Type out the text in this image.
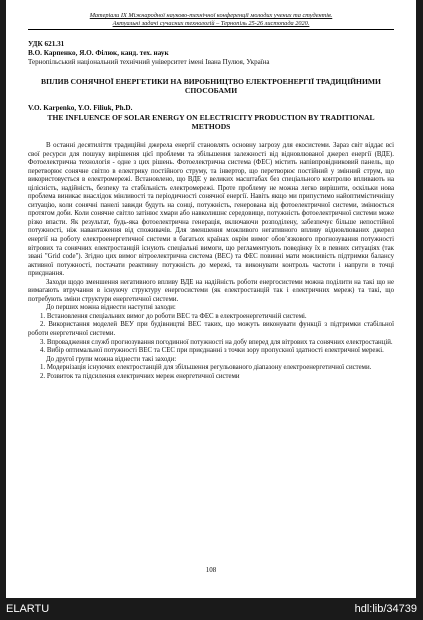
Матеріали IX Міжнародної науково-технічної конференції молодих учених та студентів.
Актуальні задачі сучасних технологій – Тернопіль 25-26 листопада 2020.
УДК 621.31
В.О. Карпенко, Я.О. Філюк, канд. тех. наук
Тернопільський національний технічний університет імені Івана Пулюя, Україна
ВПЛИВ СОНЯЧНОЇ ЕНЕРГЕТИКИ НА ВИРОБНИЦТВО ЕЛЕКТРОЕНЕРГІЇ ТРАДИЦІЙНИМИ СПОСОБАМИ
V.O. Karpenko, Y.O. Filiuk, Ph.D.
THE INFLUENCE OF SOLAR ENERGY ON ELECTRICITY PRODUCTION BY TRADITIONAL METHODS

В останні десятиліття традиційні джерела енергії становлять основну загрозу для екосистеми. Зараз світ віддає всі свої ресурси для пошуку вирішення цієї проблеми та збільшення залежності від відновлюваної джерел енергії (ВДЕ). Фотоелектрична технологія - одне з цих рішень. Фотоелектрична система (ФЕС) містить напівпровідниковий панель, що перетворює сонячне світло в електрику постійного струму, та інвертор, що перетворює постійний у змінний струм, що використовується в електромережі. Встановлено, що ВДЕ у великих масштабах без спеціального контролю впливають на цілісність, надійність, безпеку та стабільність електромережі. Проте проблему не можна легко вирішити, оскільки нова проблема виникає внаслідок мінливості та періодичності сонячної енергії. Навіть якщо ми припустимо найоптимістичнішу ситуацію, коли сонячні панелі завжди будуть на сонці, потужність, генерована від фотоелектричної системи, змінюється протягом доби. Коли сонячне світло затінює хмари або навколишнє середовище, потужність фотоелектричної системи може різко впасти. Як результат, будь-яка фотоелектрична генерація, включаючи розподілену, забезпечує більше непостійної потужності, ніж навантаження від споживачів. Для зменшення можливого негативного впливу відновлюваних джерел енергії на роботу електроенергетичної системи в багатьох країнах окрім вимог обов’язкового прогнозування потужності вітрових та сонячних електростанцій існують спеціальні вимоги, що регламентують поведінку їх в певних ситуаціях (так звані "Grid code"). Згідно цих вимог вітроелектрична система (ВЕС) та ФЕС повинні мати можливість підтримки балансу активної потужності, постачати реактивну потужність до мережі, та виконувати контроль частоти і напруги в точці приєднання.

Заходи щодо зменшення негативного впливу ВДЕ на надійність роботи енергосистеми можна поділити на такі що не вимагають втручання в існуючу структуру енергосистеми (як електростанцій так і електричних мереж) та такі, що потребують зміни структури енергетичної системи.

До перших можна віднести наступні заходи:

1. Встановлення спеціальних вимог до роботи ВЕС та ФЕС в електроенергетичній системі.

2. Використання моделей ВЕУ при будівництві ВЕС таких, що можуть виконувати функції з підтримки стабільної роботи енергетичної системи.

3. Впровадження служб прогнозування погодинної потужності на добу вперед для вітрових та сонячних електростанцій.

4. Вибір оптимальної потужності ВЕС та СЕС при приєднанні з точки зору пропускної здатності електричної мережі.

До другої групи можна віднести такі заходи:

1. Модернізація існуючих електростанцій для збільшення регульованого діапазону електроенергетичної системи.

2. Розвиток та підсилення електричних мереж енергетичної системи

108
ELARTU	hdl:lib/34739
